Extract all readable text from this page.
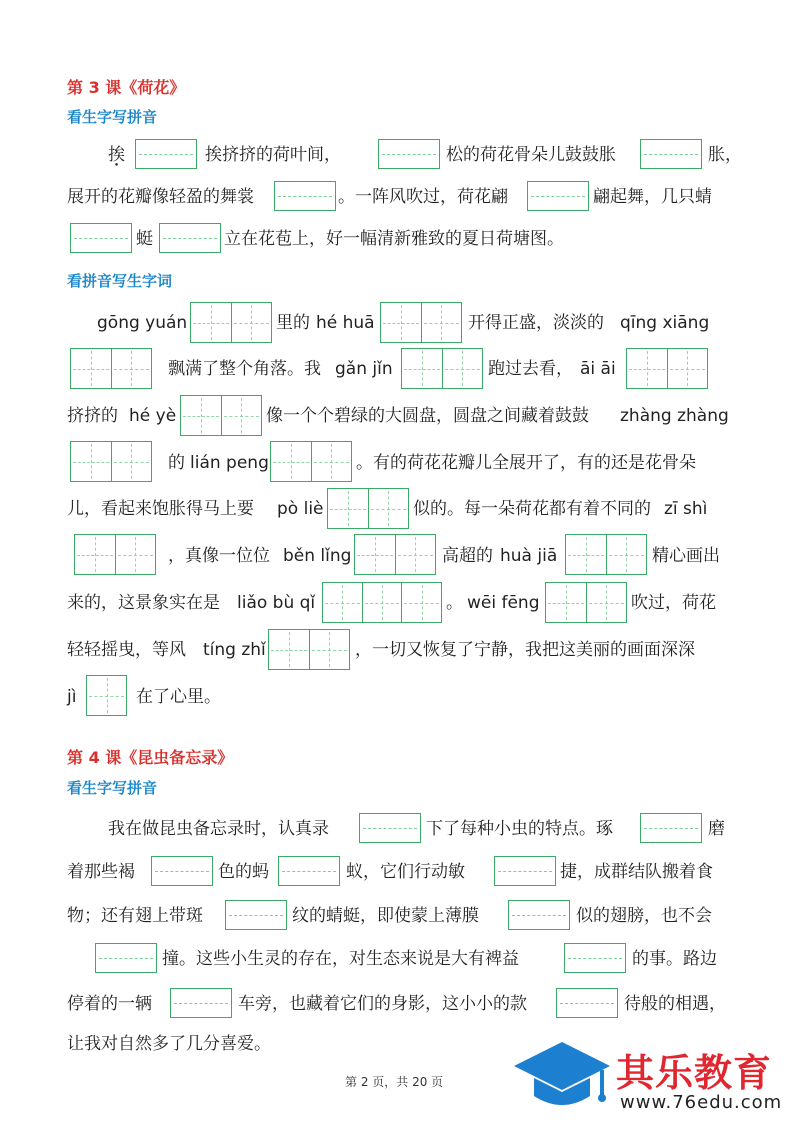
第 3 课《荷花》
看生字写拼音
挨	挨挤挤的荷叶间，	松的荷花骨朵儿鼓鼓胀	胀，
展开的花瓣像轻盈的舞裳	。一阵风吹过，荷花翩	翩起舞，几只蜻
蜓	立在花苞上，好一幅清新雅致的夏日荷塘图。
看拼音写生字词
gōng yuán	里的 hé huā	开得正盛，淡淡的 qīng xiāng
飘满了整个角落。我 gǎn jǐn	跑过去看， āi āi
挤挤的 hé yè	像一个个碧绿的大圆盘，圆盘之间藏着鼓鼓 zhàng zhàng
的 lián peng	。有的荷花花瓣儿全展开了，有的还是花骨朵
儿，看起来饱胀得马上要 pò liè	似的。每一朵荷花都有着不同的 zī shì
，真像一位位 běn lǐng	高超的 huà jiā	精心画出
来的，这景象实在是 liǎo bù qǐ	。 wēi fēng	吹过，荷花
轻轻摇曳，等风 tíng zhǐ	，一切又恢复了宁静，我把这美丽的画面深深
jì	在了心里。
第 4 课《昆虫备忘录》
看生字写拼音
我在做昆虫备忘录时，认真录	下了每种小虫的特点。琢	磨
着那些褐	色的蚂	蚁，它们行动敏	捷，成群结队搬着食
物；还有翅上带斑	纹的蜻蜓，即使蒙上薄膜	似的翅膀，也不会
撞。这些小生灵的存在，对生态来说是大有裨益	的事。路边
停着的一辆	车旁，也藏着它们的身影，这小小的款	待般的相遇，
让我对自然多了几分喜爱。
第 2 页，共 20 页	其乐教育
www.76edu.com
